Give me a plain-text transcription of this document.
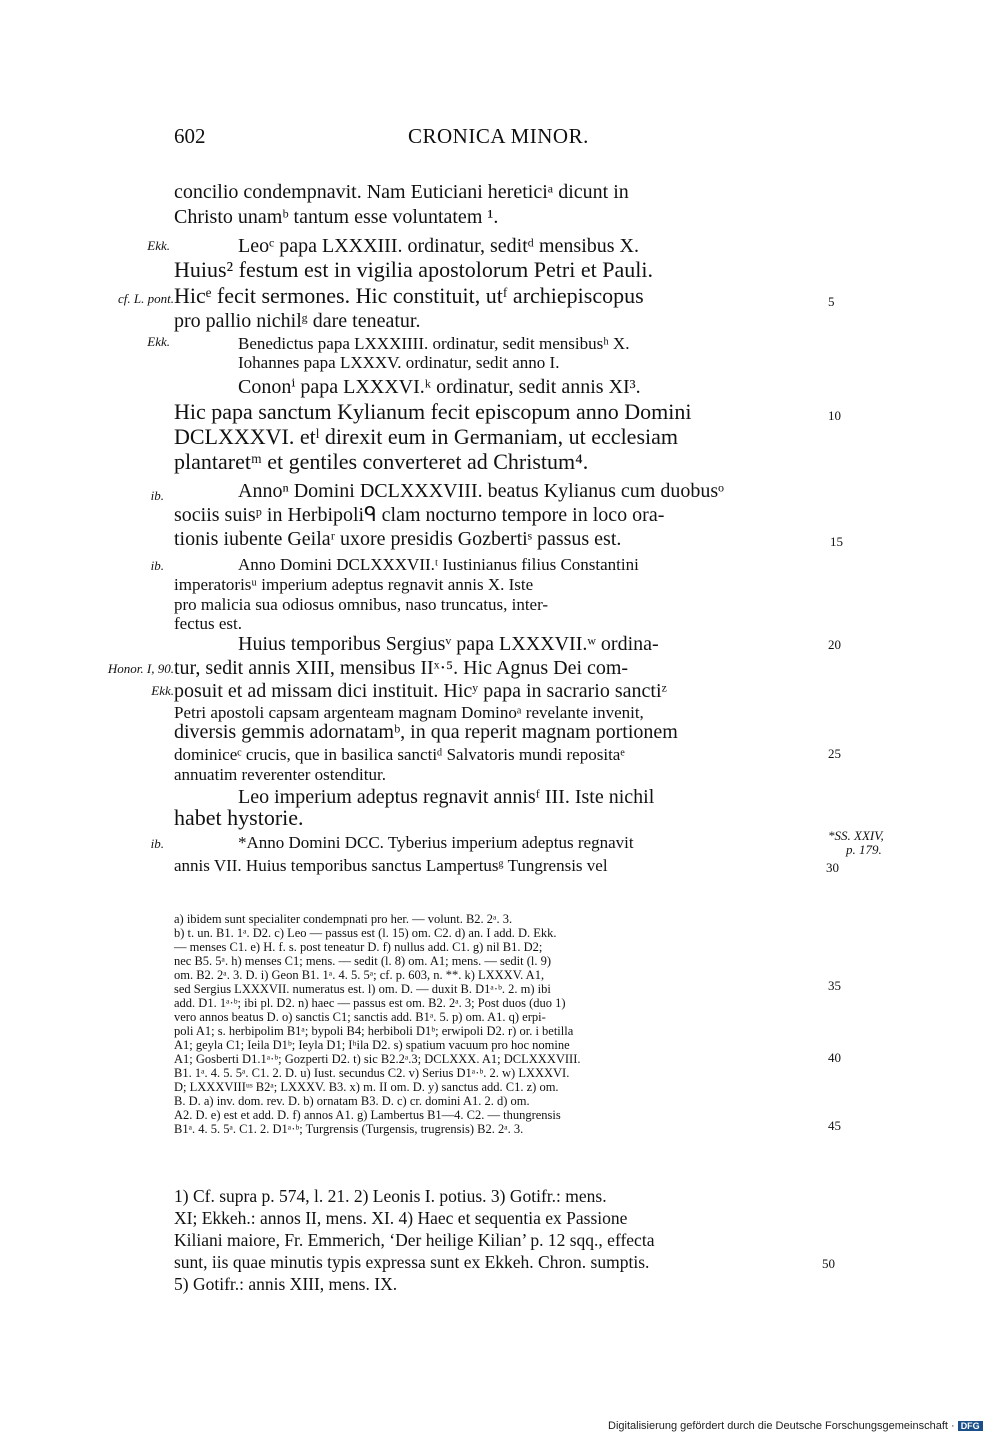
602	CRONICA MINOR.
concilio condempnavit. Nam Euticiani hereticiᵃ dicunt in
Christo unamᵇ tantum esse voluntatem ¹.
Leoᶜ papa LXXXIII. ordinatur, seditᵈ mensibus X.
Huius² festum est in vigilia apostolorum Petri et Pauli.
Hicᵉ fecit sermones. Hic constituit, utᶠ archiepiscopus
pro pallio nichilᵍ dare teneatur.
Benedictus papa LXXXIIII. ordinatur, sedit mensibusʰ X.
Iohannes papa LXXXV. ordinatur, sedit anno I.
Cononⁱ papa LXXXVI.ᵏ ordinatur, sedit annis XI³.
Hic papa sanctum Kylianum fecit episcopum anno Domini
DCLXXXVI. etˡ direxit eum in Germaniam, ut ecclesiam
plantaretᵐ et gentiles converteret ad Christum⁴.
Annoⁿ Domini DCLXXXVIII. beatus Kylianus cum duobusᵒ
sociis suisᵖ in Herbipoliᑫ clam nocturno tempore in loco ora-
tionis iubente Geilaʳ uxore presidis Gozbertiˢ passus est.
Anno Domini DCLXXXVII.ᵗ Iustinianus filius Constantini
imperatorisᵘ imperium adeptus regnavit annis X. Iste
pro malicia sua odiosus omnibus, naso truncatus, inter-
fectus est.
Huius temporibus Sergiusᵛ papa LXXXVII.ʷ ordina-
tur, sedit annis XIII, mensibus IIˣ·⁵. Hic Agnus Dei com-
posuit et ad missam dici instituit. Hicʸ papa in sacrario sanctiᶻ
Petri apostoli capsam argenteam magnam Dominoᵃ revelante invenit,
diversis gemmis adornatamᵇ, in qua reperit magnam portionem
dominiceᶜ crucis, que in basilica sanctiᵈ Salvatoris mundi repositaᵉ
annuatim reverenter ostenditur.
Leo imperium adeptus regnavit annisᶠ III. Iste nichil
habet hystorie.
*Anno Domini DCC. Tyberius imperium adeptus regnavit
annis VII. Huius temporibus sanctus Lampertusᵍ Tungrensis vel
Ekk.
cf. L. pont.
Ekk.
ib.
ib.
Honor. I, 90.
Ekk.
ib.
5
10
15
20
25
30
*SS. XXIV,
p. 179.
a) ibidem sunt specialiter condempnati pro her. — volunt. B2. 2ᵃ. 3.
b) t. un. B1. 1ᵃ. D2. c) Leo — passus est (l. 15) om. C2. d) an. I add. D. Ekk.
— menses C1. e) H. f. s. post teneatur D. f) nullus add. C1. g) nil B1. D2;
nec B5. 5ᵃ. h) menses C1; mens. — sedit (l. 8) om. A1; mens. — sedit (l. 9)
om. B2. 2ᵃ. 3. D. i) Geon B1. 1ᵃ. 4. 5. 5ᵃ; cf. p. 603, n. **. k) LXXXV. A1,
sed Sergius LXXXVII. numeratus est. l) om. D. — duxit B. D1ᵃ·ᵇ. 2. m) ibi
add. D1. 1ᵃ·ᵇ; ibi pl. D2. n) haec — passus est om. B2. 2ᵃ. 3; Post duos (duo 1)
vero annos beatus D. o) sanctis C1; sanctis add. B1ᵃ. 5. p) om. A1. q) erpi-
poli A1; s. herbipolim B1ᵃ; bypoli B4; herbiboli D1ᵇ; erwipoli D2. r) or. i betilla
A1; geyla C1; Ieila D1ᵇ; Ieyla D1; Iʰila D2. s) spatium vacuum pro hoc nomine
A1; Gosberti D1.1ᵃ·ᵇ; Gozperti D2. t) sic B2.2ᵃ.3; DCLXXX. A1; DCLXXXVIII.
B1. 1ᵃ. 4. 5. 5ᵃ. C1. 2. D. u) Iust. secundus C2. v) Serius D1ᵃ·ᵇ. 2. w) LXXXVI.
D; LXXXVIIIᵘˢ B2ᵃ; LXXXV. B3. x) m. II om. D. y) sanctus add. C1. z) om.
B. D. a) inv. dom. rev. D. b) ornatam B3. D. c) cr. domini A1. 2. d) om.
A2. D. e) est et add. D. f) annos A1. g) Lambertus B1—4. C2. — thungrensis
B1ᵃ. 4. 5. 5ᵃ. C1. 2. D1ᵃ·ᵇ; Turgrensis (Turgensis, trugrensis) B2. 2ᵃ. 3.
35
40
45
1) Cf. supra p. 574, l. 21. 2) Leonis I. potius. 3) Gotifr.: mens.
XI; Ekkeh.: annos II, mens. XI. 4) Haec et sequentia ex Passione
Kiliani maiore, Fr. Emmerich, ‘Der heilige Kilian’ p. 12 sqq., effecta
sunt, iis quae minutis typis expressa sunt ex Ekkeh. Chron. sumptis.
5) Gotifr.: annis XIII, mens. IX.
50
Digitalisierung gefördert durch die Deutsche Forschungsgemeinschaft · DFG
